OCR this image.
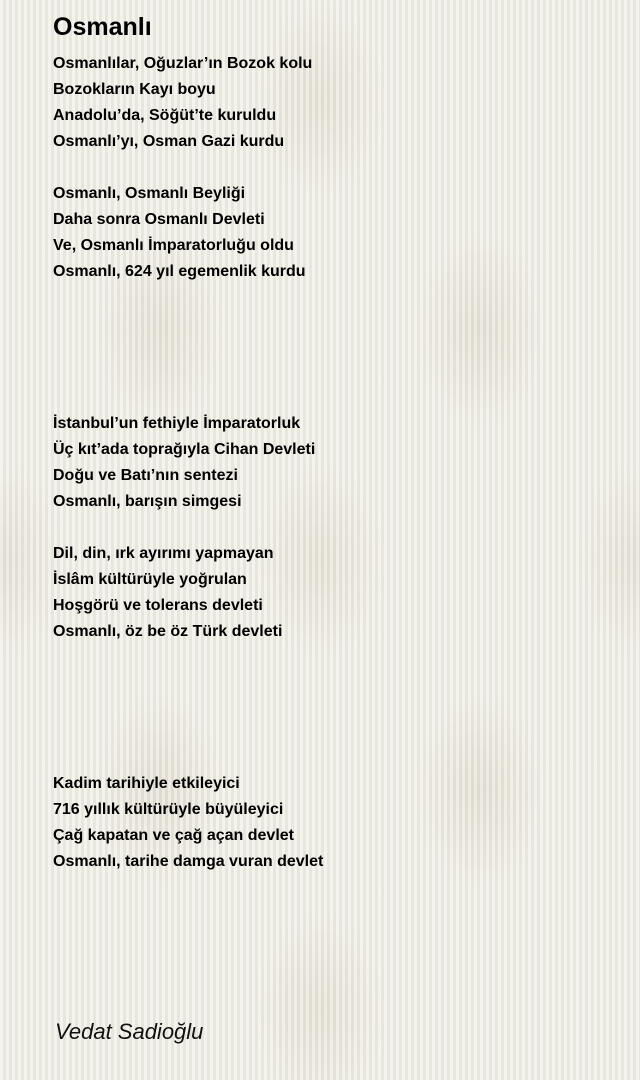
Osmanlı
Osmanlılar, Oğuzlar’ın Bozok kolu
Bozokların Kayı boyu
Anadolu’da, Söğüt’te kuruldu
Osmanlı’yı, Osman Gazi kurdu
Osmanlı, Osmanlı Beyliği
Daha sonra Osmanlı Devleti
Ve, Osmanlı İmparatorluğu oldu
Osmanlı, 624 yıl egemenlik kurdu
İstanbul’un fethiyle İmparatorluk
Üç kıt’ada toprağıyla Cihan Devleti
Doğu ve Batı’nın sentezi
Osmanlı, barışın simgesi
Dil, din, ırk ayırımı yapmayan
İslâm kültürüyle yoğrulan
Hoşgörü ve tolerans devleti
Osmanlı, öz be öz Türk devleti
Kadim tarihiyle etkileyici
716 yıllık kültürüyle büyüleyici
Çağ kapatan ve çağ açan devlet
Osmanlı, tarihe damga vuran devlet

Vedat Sadioğlu
